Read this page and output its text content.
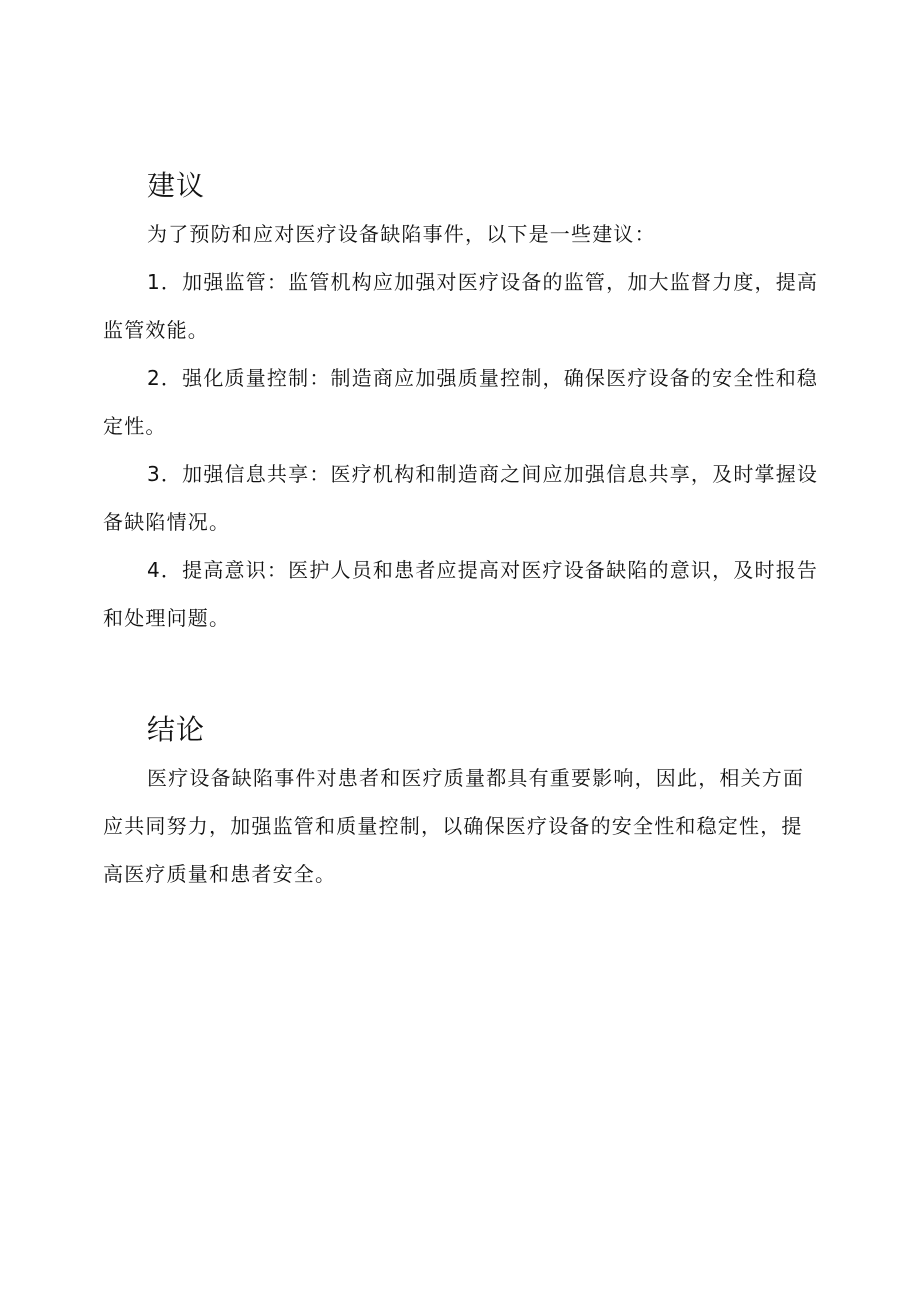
建议

为了预防和应对医疗设备缺陷事件，以下是一些建议：

1．加强监管：监管机构应加强对医疗设备的监管，加大监督力度，提高监管效能。

2．强化质量控制：制造商应加强质量控制，确保医疗设备的安全性和稳定性。

3．加强信息共享：医疗机构和制造商之间应加强信息共享，及时掌握设备缺陷情况。

4．提高意识：医护人员和患者应提高对医疗设备缺陷的意识，及时报告和处理问题。

结论

医疗设备缺陷事件对患者和医疗质量都具有重要影响，因此，相关方面应共同努力，加强监管和质量控制，以确保医疗设备的安全性和稳定性，提高医疗质量和患者安全。
